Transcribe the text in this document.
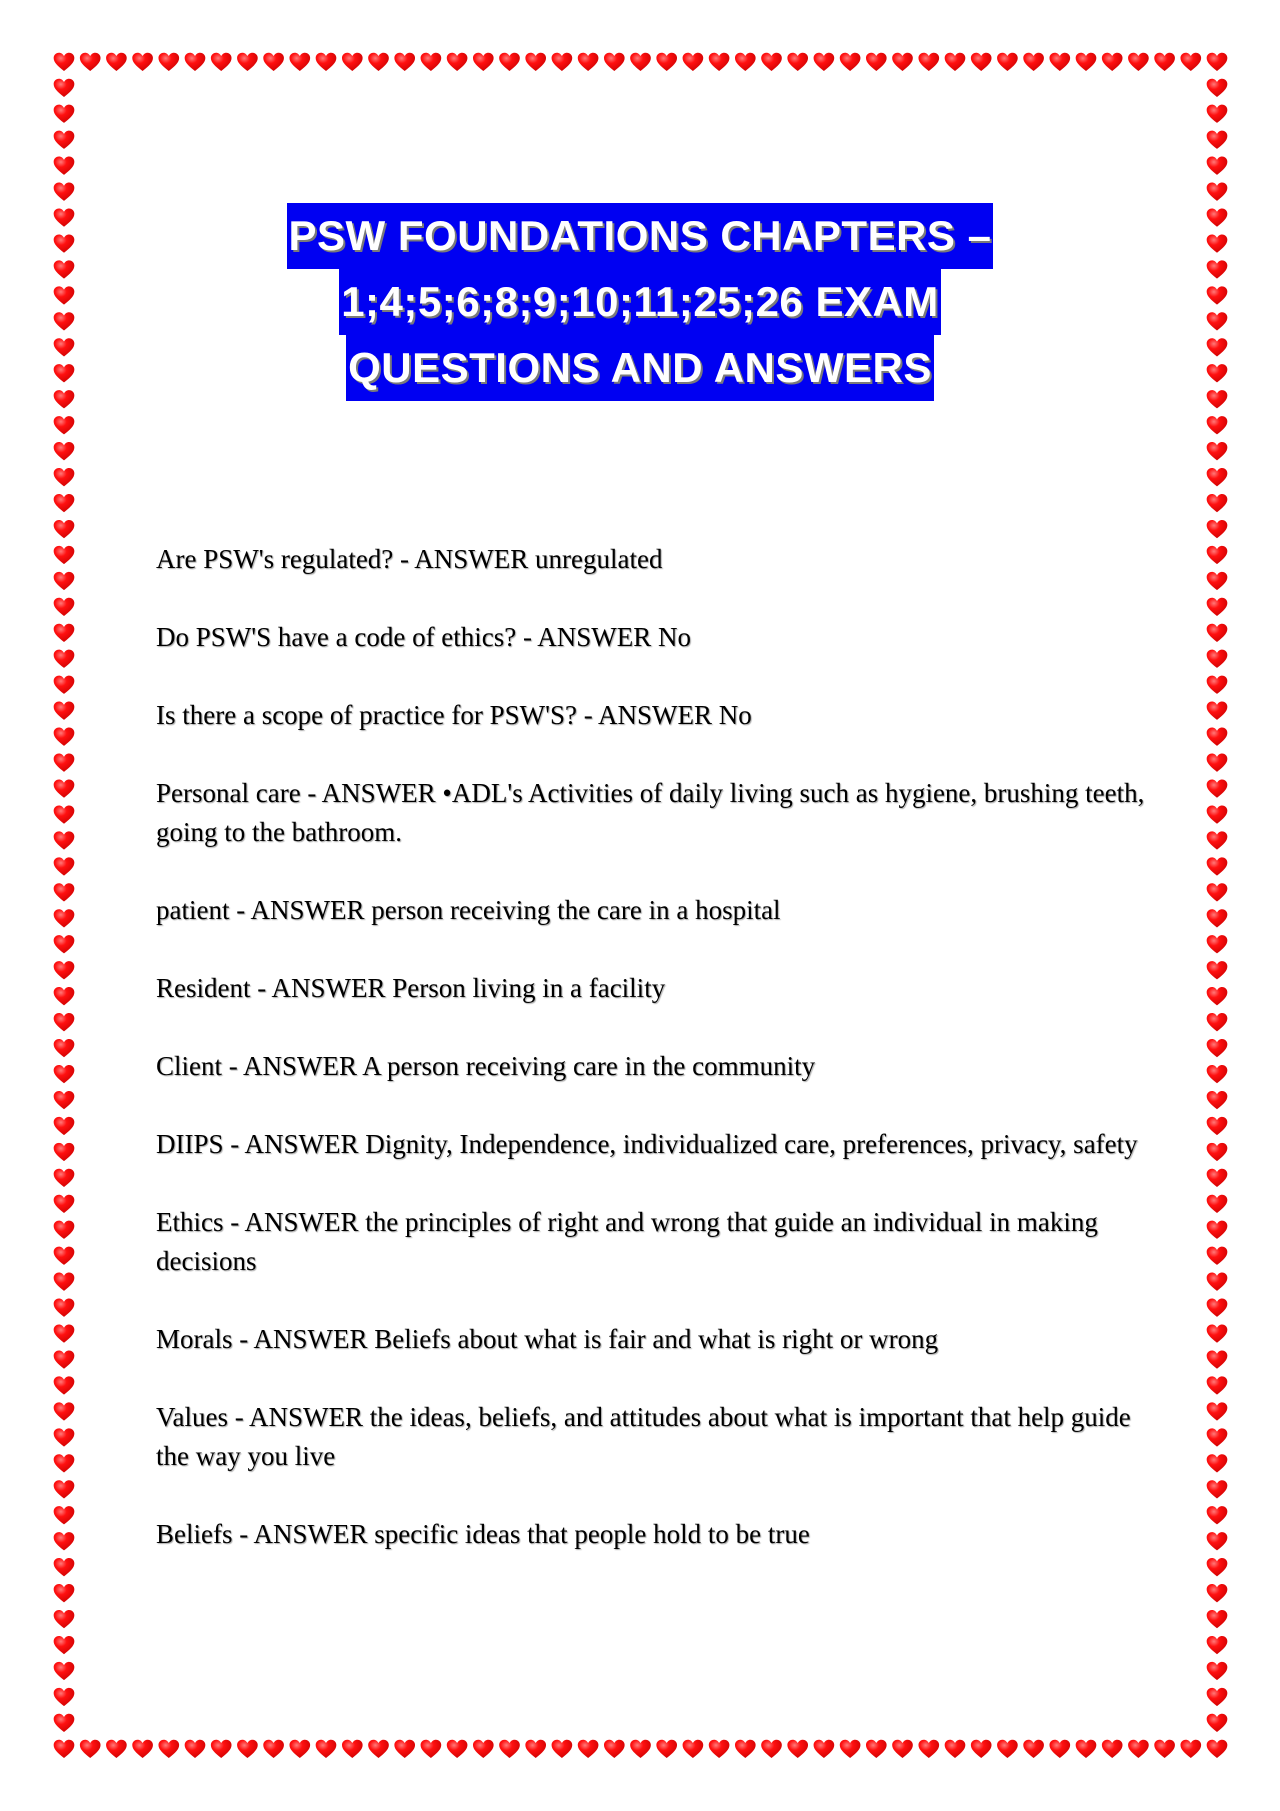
PSW FOUNDATIONS CHAPTERS –
1;4;5;6;8;9;10;11;25;26 EXAM
QUESTIONS AND ANSWERS
Are PSW's regulated? - ANSWER unregulated
Do PSW'S have a code of ethics? - ANSWER No
Is there a scope of practice for PSW'S? - ANSWER No
Personal care - ANSWER •ADL's Activities of daily living such as hygiene, brushing teeth, going to the bathroom.
patient - ANSWER person receiving the care in a hospital
Resident - ANSWER Person living in a facility
Client - ANSWER A person receiving care in the community
DIIPS - ANSWER Dignity, Independence, individualized care, preferences, privacy, safety
Ethics - ANSWER the principles of right and wrong that guide an individual in making decisions
Morals - ANSWER Beliefs about what is fair and what is right or wrong
Values - ANSWER the ideas, beliefs, and attitudes about what is important that help guide the way you live
Beliefs - ANSWER specific ideas that people hold to be true
